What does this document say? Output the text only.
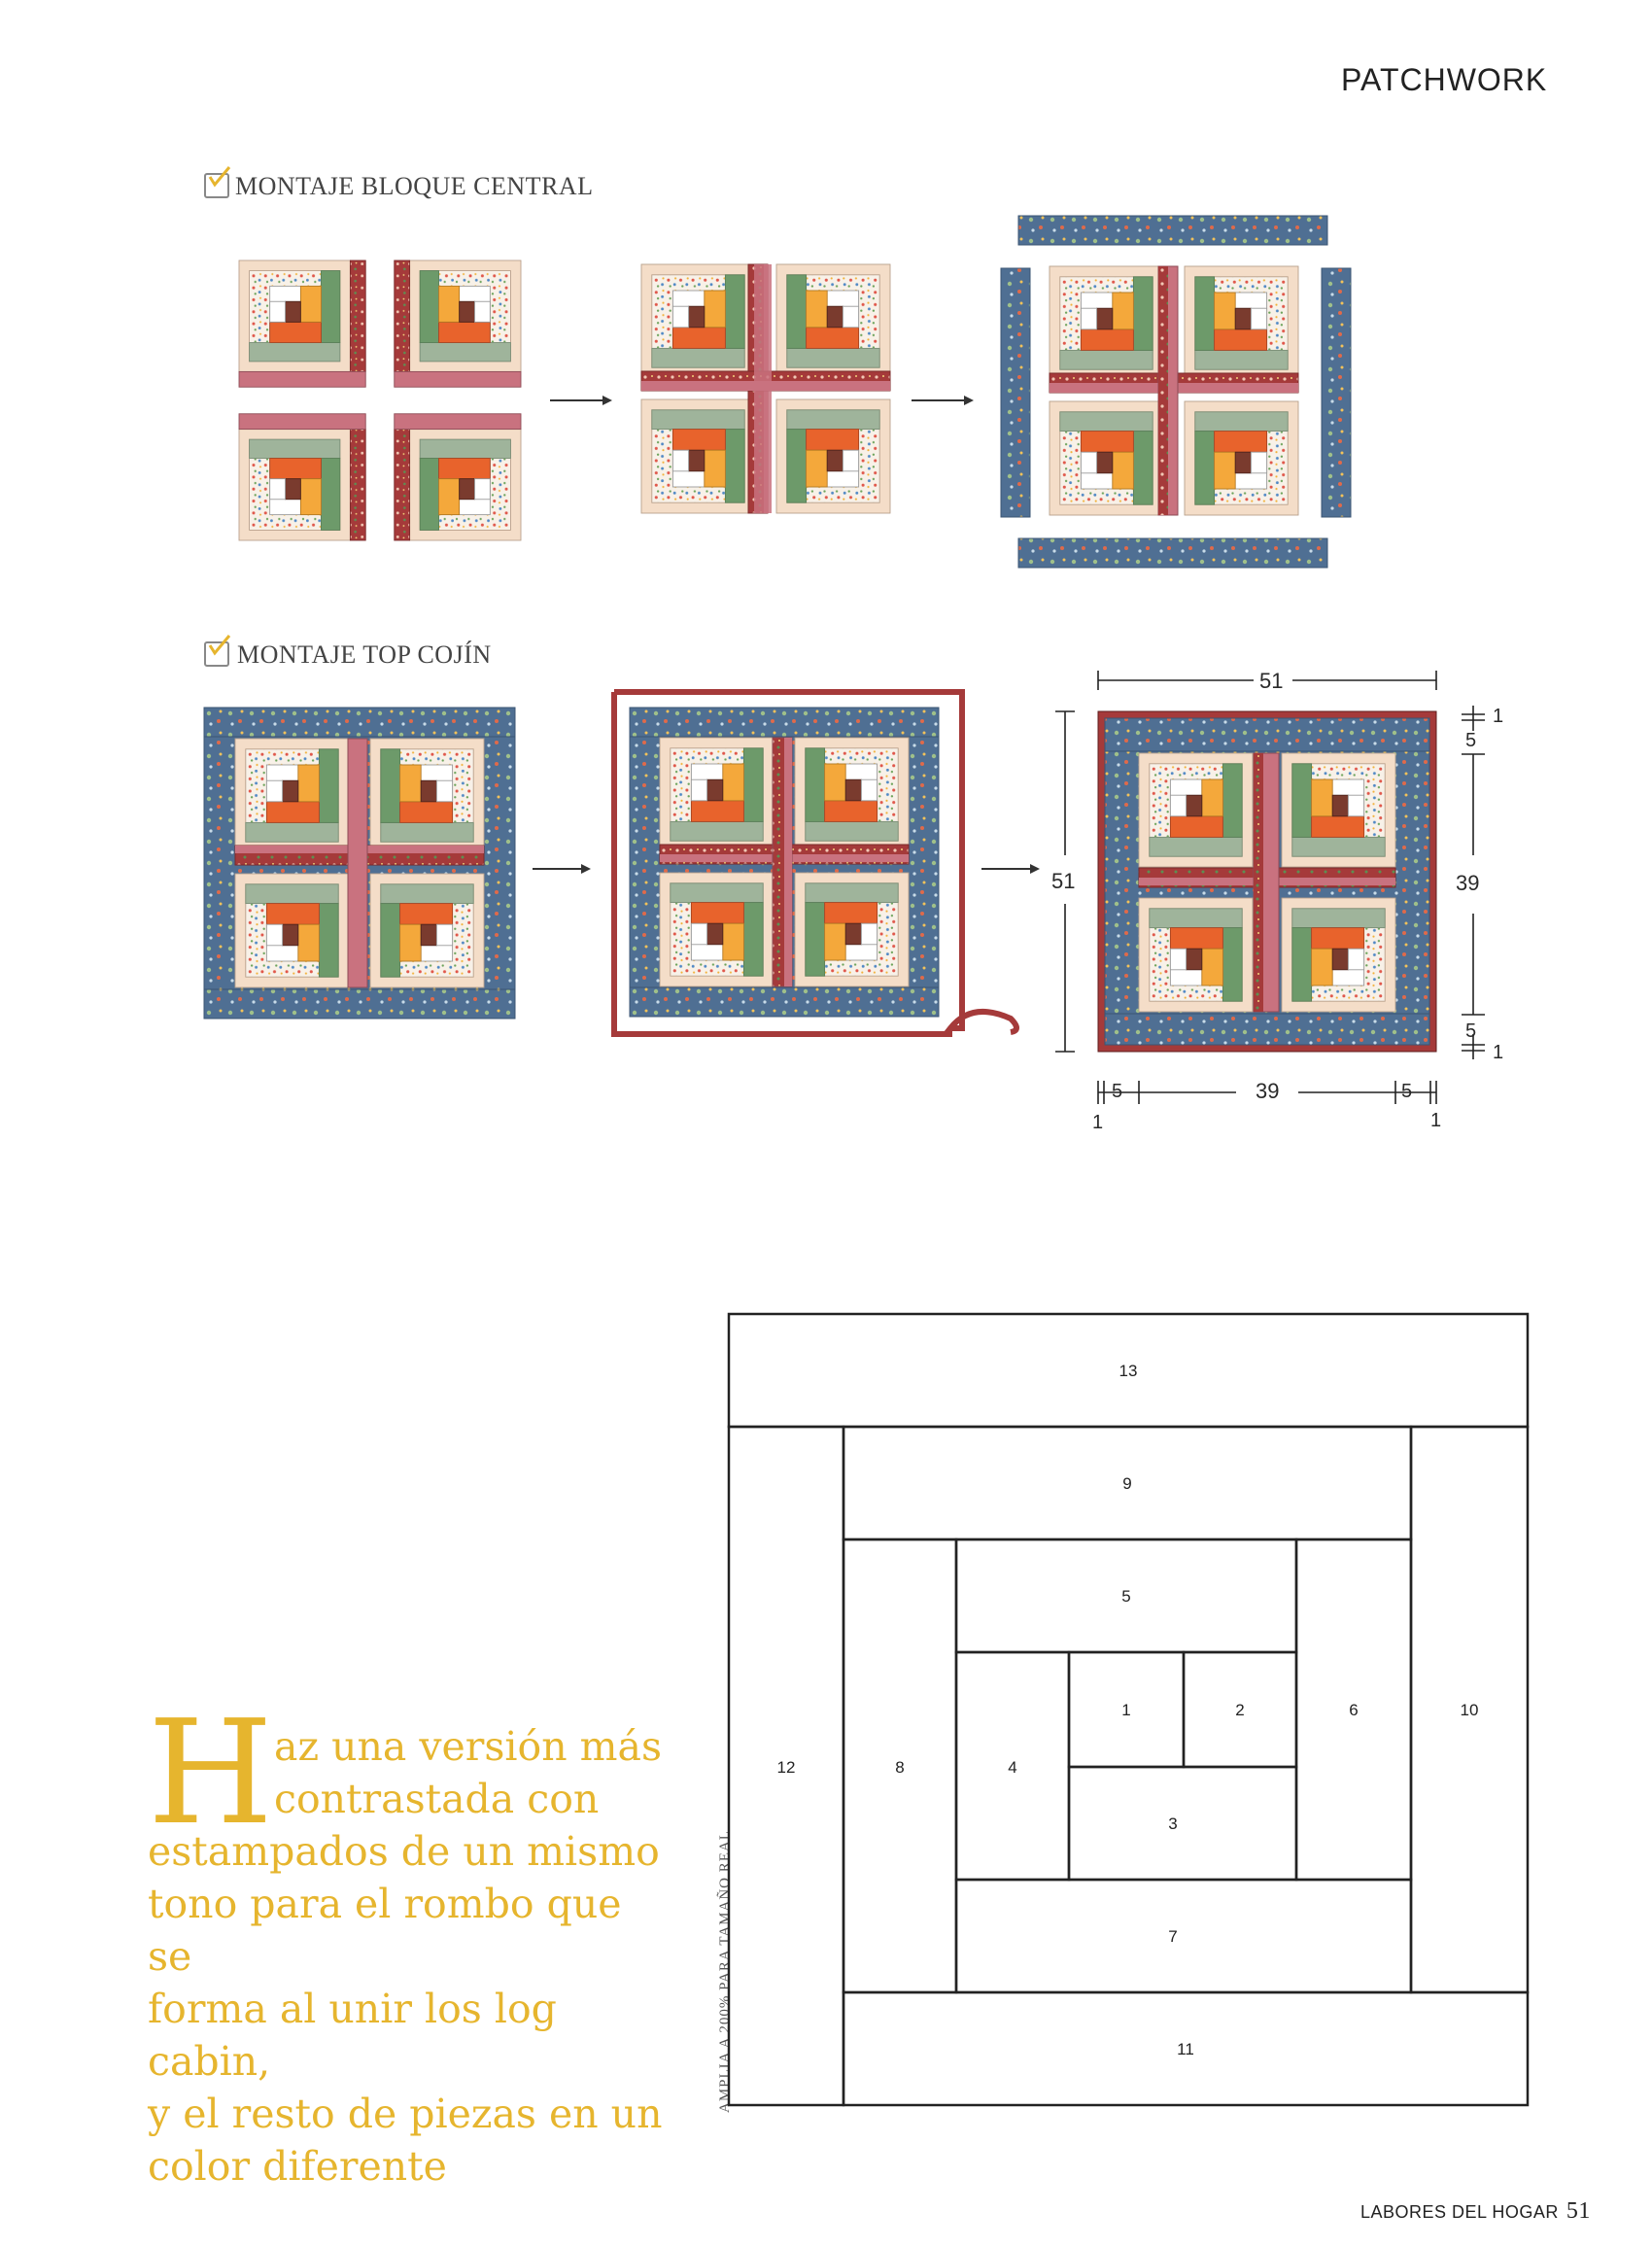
PATCHWORK
MONTAJE BLOQUE CENTRAL
MONTAJE TOP COJÍN
51
51	39
5
1
5
1
5	39	5
1	1
H az una versión más
contrastada con
estampados de un mismo
tono para el rombo que se
forma al unir los log cabin,
y el resto de piezas en un
color diferente
AMPLIA A 200% PARA TAMAÑO REAL
1	2
3
4
5
6
7
8
9
10
11
12
13
LABORES DEL HOGAR 51
